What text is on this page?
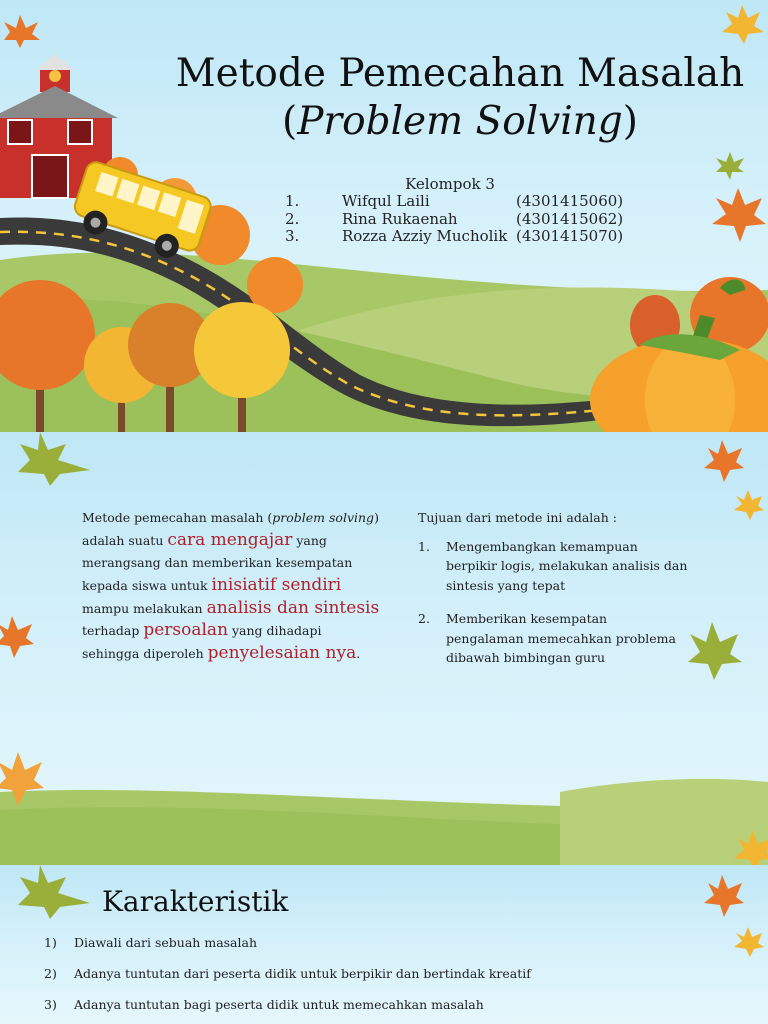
Metode Pemecahan Masalah
(Problem Solving)
Kelompok 3
1.	Wifqul Laili	(4301415060)
2.	Rina Rukaenah	(4301415062)
3.	Rozza Azziy Mucholik (4301415070)
Metode pemecahan masalah (problem solving) adalah suatu cara mengajar yang merangsang dan memberikan kesempatan kepada siswa untuk inisiatif sendiri mampu melakukan analisis dan sintesis terhadap persoalan yang dihadapi sehingga diperoleh penyelesaian nya.
Tujuan dari metode ini adalah :
1.	Mengembangkan kemampuan berpikir logis, melakukan analisis dan sintesis yang tepat
2.	Memberikan kesempatan pengalaman memecahkan problema dibawah bimbingan guru
Karakteristik
1)	Diawali dari sebuah masalah
2)	Adanya tuntutan dari peserta didik untuk berpikir dan bertindak kreatif
3)	Adanya tuntutan bagi peserta didik untuk memecahkan masalah
